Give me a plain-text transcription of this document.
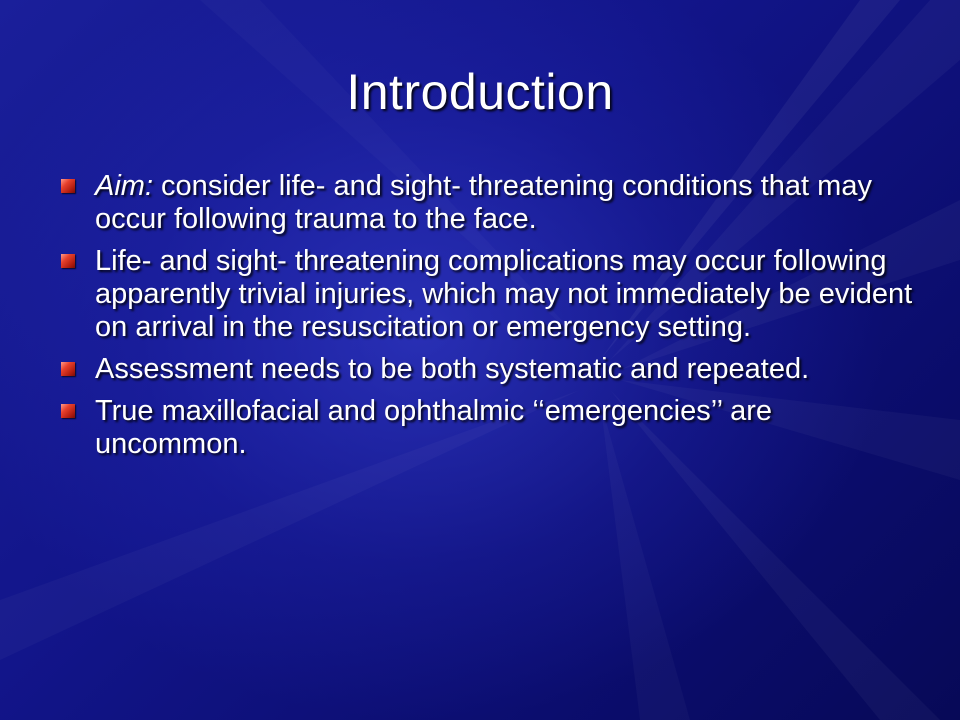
Introduction
Aim: consider life- and sight- threatening conditions that may occur following trauma to the face.
Life- and sight- threatening complications may occur following apparently trivial injuries, which may not immediately be evident on arrival in the resuscitation or emergency setting.
Assessment needs to be both systematic and repeated.
True maxillofacial and ophthalmic ‘‘emergencies’’ are uncommon.
